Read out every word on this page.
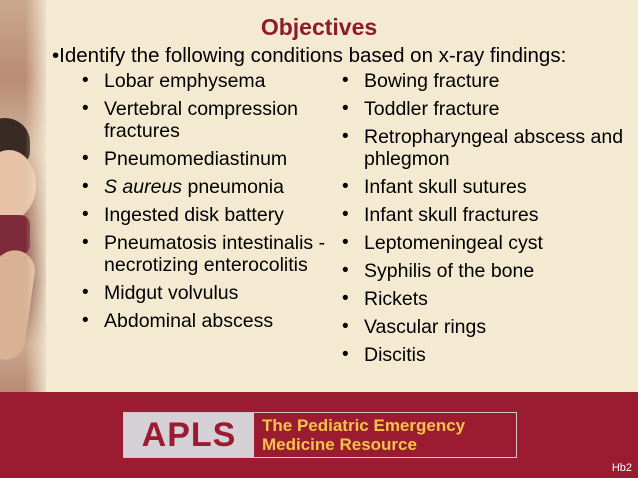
Objectives
•Identify the following conditions based on x-ray findings:
• Lobar emphysema
• Vertebral compression fractures
• Pneumomediastinum
• S aureus pneumonia
• Ingested disk battery
• Pneumatosis intestinalis - necrotizing enterocolitis
• Midgut volvulus
• Abdominal abscess
• Bowing fracture
• Toddler fracture
• Retropharyngeal abscess and phlegmon
• Infant skull sutures
• Infant skull fractures
• Leptomeningeal cyst
• Syphilis of the bone
• Rickets
• Vascular rings
• Discitis
APLS	The Pediatric Emergency
Medicine Resource
Hb2
